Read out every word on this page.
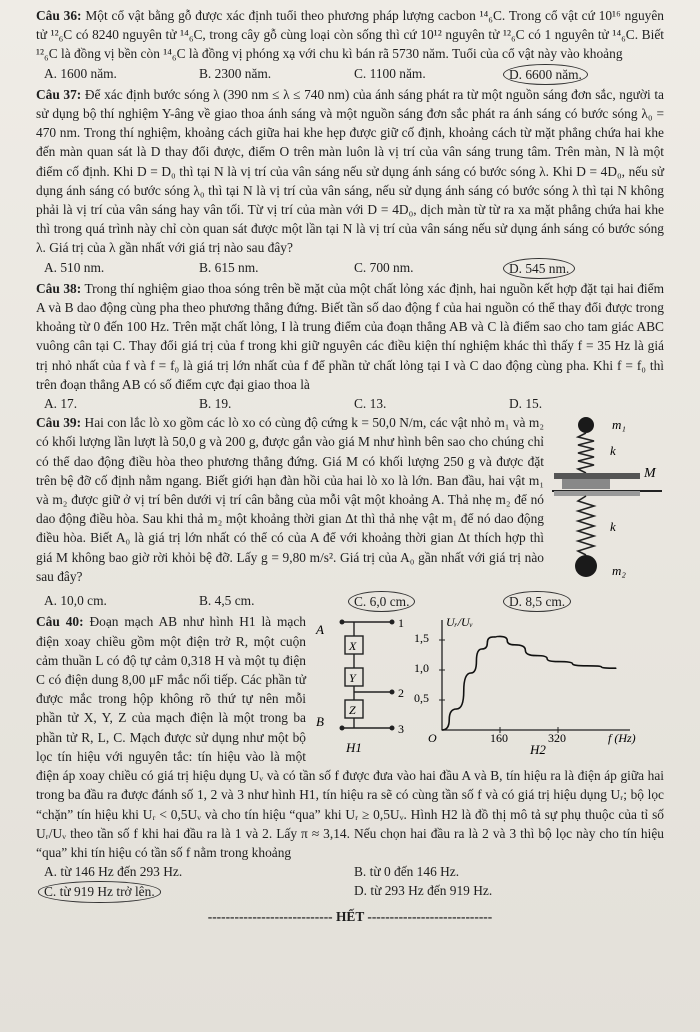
Câu 36: Một cổ vật bằng gỗ được xác định tuổi theo phương pháp lượng cacbon ¹⁴₆C. Trong cổ vật cứ 10¹⁶ nguyên tử ¹²₆C có 8240 nguyên tử ¹⁴₆C, trong cây gỗ cùng loại còn sống thì cứ 10¹² nguyên tử ¹²₆C có 1 nguyên tử ¹⁴₆C. Biết ¹²₆C là đồng vị bền còn ¹⁴₆C là đồng vị phóng xạ với chu kì bán rã 5730 năm. Tuổi của cổ vật này vào khoảng

A. 1600 năm.	B. 2300 năm.	C. 1100 năm.	D. 6600 năm.

Câu 37: Để xác định bước sóng λ (390 nm ≤ λ ≤ 740 nm) của ánh sáng phát ra từ một nguồn sáng đơn sắc, người ta sử dụng bộ thí nghiệm Y-âng về giao thoa ánh sáng và một nguồn sáng đơn sắc phát ra ánh sáng có bước sóng λ₀ = 470 nm. Trong thí nghiệm, khoảng cách giữa hai khe hẹp được giữ cố định, khoảng cách từ mặt phẳng chứa hai khe đến màn quan sát là D thay đổi được, điểm O trên màn luôn là vị trí của vân sáng trung tâm. Trên màn, N là một điểm cố định. Khi D = D₀ thì tại N là vị trí của vân sáng nếu sử dụng ánh sáng có bước sóng λ. Khi D = 4D₀, nếu sử dụng ánh sáng có bước sóng λ₀ thì tại N là vị trí của vân sáng, nếu sử dụng ánh sáng có bước sóng λ thì tại N không phải là vị trí của vân sáng hay vân tối. Từ vị trí của màn với D = 4D₀, dịch màn từ từ ra xa mặt phẳng chứa hai khe thì trong quá trình này chỉ còn quan sát được một lần tại N là vị trí của vân sáng nếu sử dụng ánh sáng có bước sóng λ. Giá trị của λ gần nhất với giá trị nào sau đây?

A. 510 nm.	B. 615 nm.	C. 700 nm.	D. 545 nm.

Câu 38: Trong thí nghiệm giao thoa sóng trên bề mặt của một chất lỏng xác định, hai nguồn kết hợp đặt tại hai điểm A và B dao động cùng pha theo phương thẳng đứng. Biết tần số dao động f của hai nguồn có thể thay đổi được trong khoảng từ 0 đến 100 Hz. Trên mặt chất lỏng, I là trung điểm của đoạn thẳng AB và C là điểm sao cho tam giác ABC vuông cân tại C. Thay đổi giá trị của f trong khi giữ nguyên các điều kiện thí nghiệm khác thì thấy f = 35 Hz là giá trị nhỏ nhất của f và f = f₀ là giá trị lớn nhất của f để phần tử chất lỏng tại I và C dao động cùng pha. Khi f = f₀ thì trên đoạn thẳng AB có số điểm cực đại giao thoa là

A. 17.	B. 19.	C. 13.	D. 15.
m₁
k
M
k
m₂

Câu 39: Hai con lắc lò xo gồm các lò xo có cùng độ cứng k = 50,0 N/m, các vật nhỏ m₁ và m₂ có khối lượng lần lượt là 50,0 g và 200 g, được gắn vào giá M như hình bên sao cho chúng chỉ có thể dao động điều hòa theo phương thẳng đứng. Giá M có khối lượng 250 g và được đặt trên bệ đỡ cố định nằm ngang. Biết giới hạn đàn hồi của hai lò xo là lớn. Ban đầu, hai vật m₁ và m₂ được giữ ở vị trí bên dưới vị trí cân bằng của mỗi vật một khoảng A. Thả nhẹ m₂ để nó dao động điều hòa. Sau khi thả m₂ một khoảng thời gian Δt thì thả nhẹ vật m₁ để nó dao động điều hòa. Biết A₀ là giá trị lớn nhất có thể có của A để với khoảng thời gian Δt thích hợp thì giá M không bao giờ rời khỏi bệ đỡ. Lấy g = 9,80 m/s². Giá trị của A₀ gần nhất với giá trị nào sau đây?

A. 10,0 cm.	B. 4,5 cm.	C. 6,0 cm.	D. 8,5 cm.
A
B
1
X
Y
2
Z
3
H1
Uᵣ/Uᵥ
1,5
1,0
0,5
O	160	320	f (Hz)
H2

Câu 40: Đoạn mạch AB như hình H1 là mạch điện xoay chiều gồm một điện trở R, một cuộn cảm thuần L có độ tự cảm 0,318 H và một tụ điện C có điện dung 8,00 μF mắc nối tiếp. Các phần tử được mắc trong hộp không rõ thứ tự nên mỗi phần tử X, Y, Z của mạch điện là một trong ba phần tử R, L, C. Mạch được sử dụng như một bộ lọc tín hiệu với nguyên tắc: tín hiệu vào là một điện áp xoay chiều có giá trị hiệu dụng Uᵥ và có tần số f được đưa vào hai đầu A và B, tín hiệu ra là điện áp giữa hai trong ba đầu ra được đánh số 1, 2 và 3 như hình H1, tín hiệu ra sẽ có cùng tần số f và có giá trị hiệu dụng Uᵣ; bộ lọc “chặn” tín hiệu khi Uᵣ < 0,5Uᵥ và cho tín hiệu “qua” khi Uᵣ ≥ 0,5Uᵥ. Hình H2 là đồ thị mô tả sự phụ thuộc của tỉ số Uᵣ/Uᵥ theo tần số f khi hai đầu ra là 1 và 2. Lấy π ≈ 3,14. Nếu chọn hai đầu ra là 2 và 3 thì bộ lọc này cho tín hiệu “qua” khi tín hiệu có tần số f nằm trong khoảng

A. từ 146 Hz đến 293 Hz.	B. từ 0 đến 146 Hz.
C. từ 919 Hz trở lên.	D. từ 293 Hz đến 919 Hz.
---------------------------- HẾT ----------------------------
